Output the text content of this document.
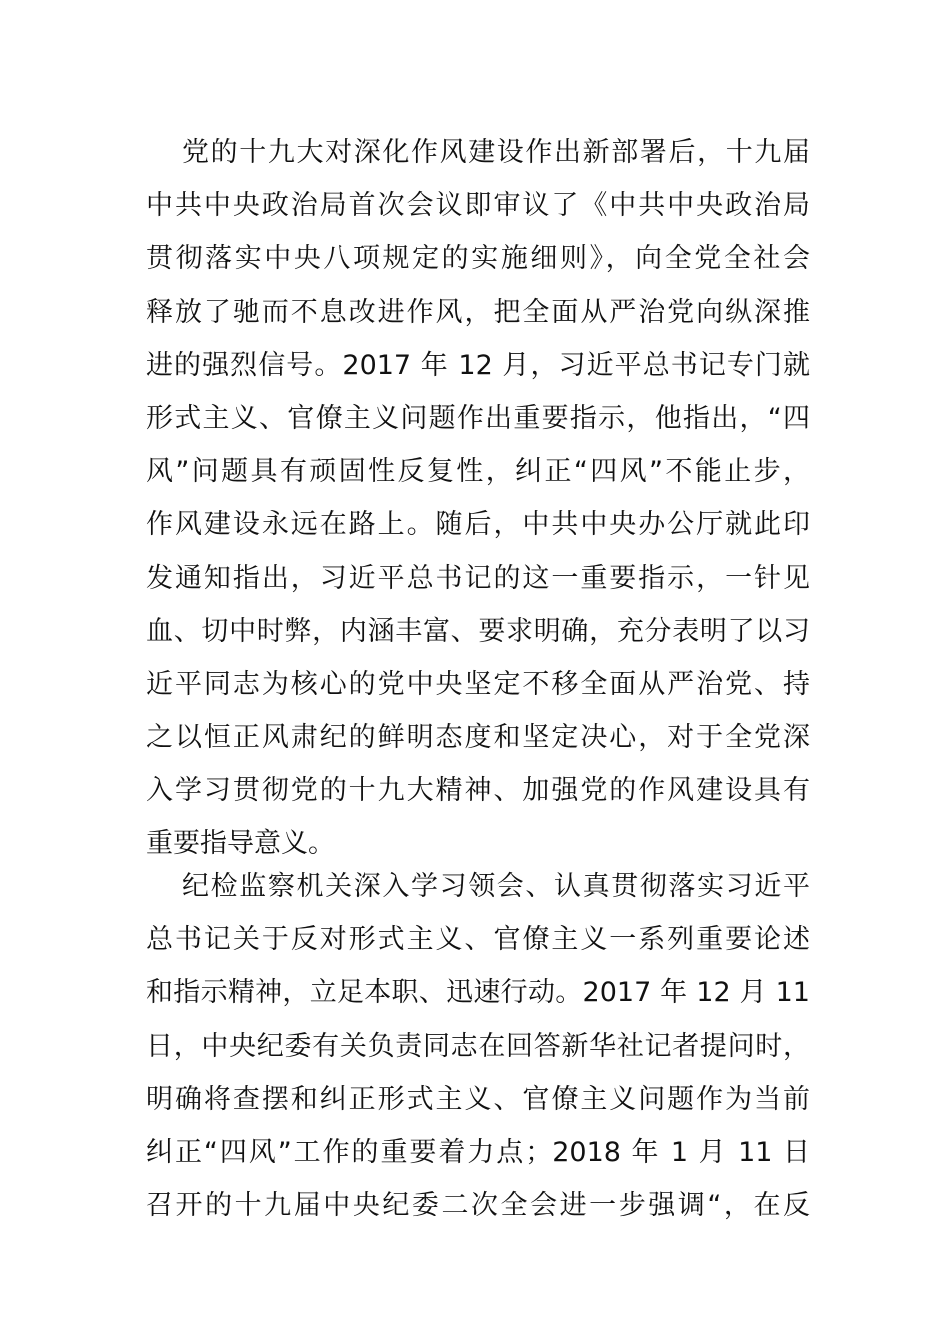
党的十九大对深化作风建设作出新部署后，十九届
中共中央政治局首次会议即审议了《中共中央政治局
贯彻落实中央八项规定的实施细则》，向全党全社会
释放了驰而不息改进作风，把全面从严治党向纵深推
进的强烈信号。2017 年 12 月，习近平总书记专门就
形式主义、官僚主义问题作出重要指示，他指出，“四
风”问题具有顽固性反复性，纠正“四风”不能止步，
作风建设永远在路上。随后，中共中央办公厅就此印
发通知指出，习近平总书记的这一重要指示，一针见
血、切中时弊，内涵丰富、要求明确，充分表明了以习
近平同志为核心的党中央坚定不移全面从严治党、持
之以恒正风肃纪的鲜明态度和坚定决心，对于全党深
入学习贯彻党的十九大精神、加强党的作风建设具有
重要指导意义。
纪检监察机关深入学习领会、认真贯彻落实习近平
总书记关于反对形式主义、官僚主义一系列重要论述
和指示精神，立足本职、迅速行动。2017 年 12 月 11
日，中央纪委有关负责同志在回答新华社记者提问时，
明确将查摆和纠正形式主义、官僚主义问题作为当前
纠正“四风”工作的重要着力点；2018 年 1 月 11 日
召开的十九届中央纪委二次全会进一步强调“，在反
